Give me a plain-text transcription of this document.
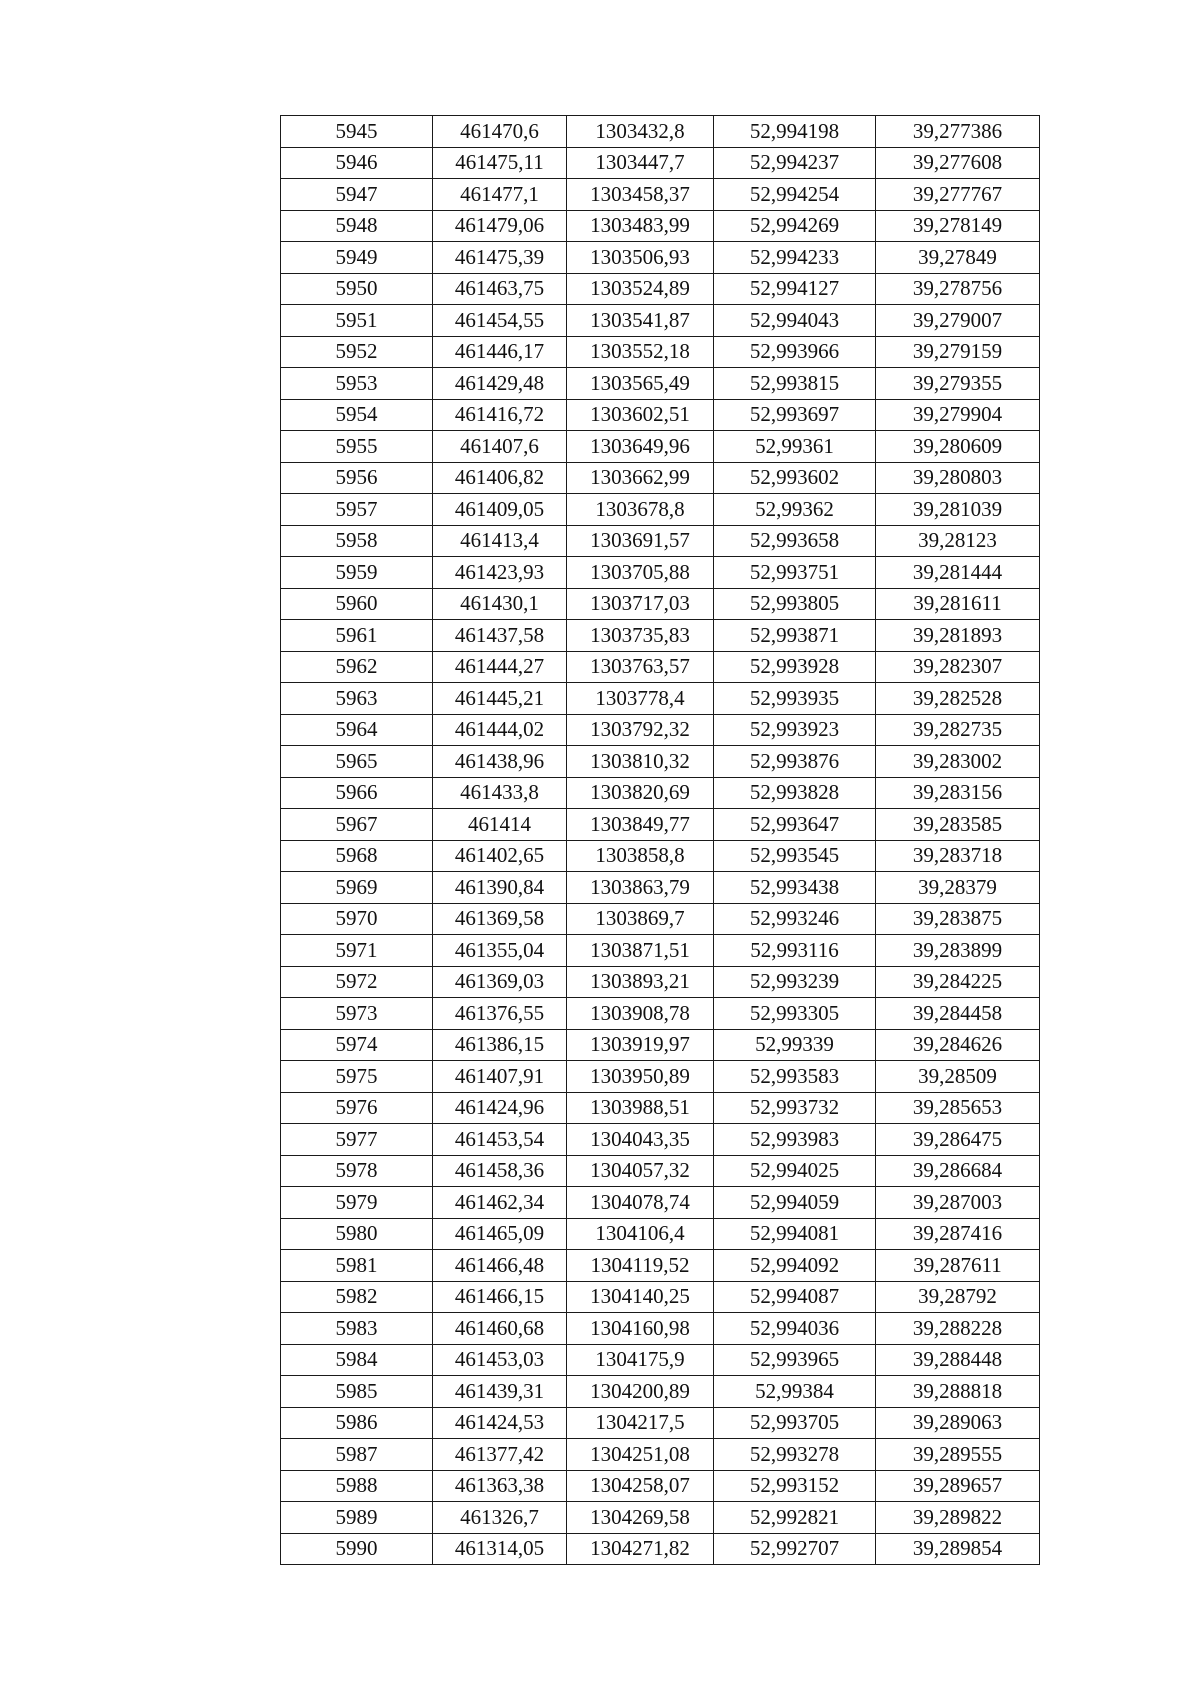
5945	461470,6	1303432,8	52,994198	39,277386
5946	461475,11	1303447,7	52,994237	39,277608
5947	461477,1	1303458,37	52,994254	39,277767
5948	461479,06	1303483,99	52,994269	39,278149
5949	461475,39	1303506,93	52,994233	39,27849
5950	461463,75	1303524,89	52,994127	39,278756
5951	461454,55	1303541,87	52,994043	39,279007
5952	461446,17	1303552,18	52,993966	39,279159
5953	461429,48	1303565,49	52,993815	39,279355
5954	461416,72	1303602,51	52,993697	39,279904
5955	461407,6	1303649,96	52,99361	39,280609
5956	461406,82	1303662,99	52,993602	39,280803
5957	461409,05	1303678,8	52,99362	39,281039
5958	461413,4	1303691,57	52,993658	39,28123
5959	461423,93	1303705,88	52,993751	39,281444
5960	461430,1	1303717,03	52,993805	39,281611
5961	461437,58	1303735,83	52,993871	39,281893
5962	461444,27	1303763,57	52,993928	39,282307
5963	461445,21	1303778,4	52,993935	39,282528
5964	461444,02	1303792,32	52,993923	39,282735
5965	461438,96	1303810,32	52,993876	39,283002
5966	461433,8	1303820,69	52,993828	39,283156
5967	461414	1303849,77	52,993647	39,283585
5968	461402,65	1303858,8	52,993545	39,283718
5969	461390,84	1303863,79	52,993438	39,28379
5970	461369,58	1303869,7	52,993246	39,283875
5971	461355,04	1303871,51	52,993116	39,283899
5972	461369,03	1303893,21	52,993239	39,284225
5973	461376,55	1303908,78	52,993305	39,284458
5974	461386,15	1303919,97	52,99339	39,284626
5975	461407,91	1303950,89	52,993583	39,28509
5976	461424,96	1303988,51	52,993732	39,285653
5977	461453,54	1304043,35	52,993983	39,286475
5978	461458,36	1304057,32	52,994025	39,286684
5979	461462,34	1304078,74	52,994059	39,287003
5980	461465,09	1304106,4	52,994081	39,287416
5981	461466,48	1304119,52	52,994092	39,287611
5982	461466,15	1304140,25	52,994087	39,28792
5983	461460,68	1304160,98	52,994036	39,288228
5984	461453,03	1304175,9	52,993965	39,288448
5985	461439,31	1304200,89	52,99384	39,288818
5986	461424,53	1304217,5	52,993705	39,289063
5987	461377,42	1304251,08	52,993278	39,289555
5988	461363,38	1304258,07	52,993152	39,289657
5989	461326,7	1304269,58	52,992821	39,289822
5990	461314,05	1304271,82	52,992707	39,289854
